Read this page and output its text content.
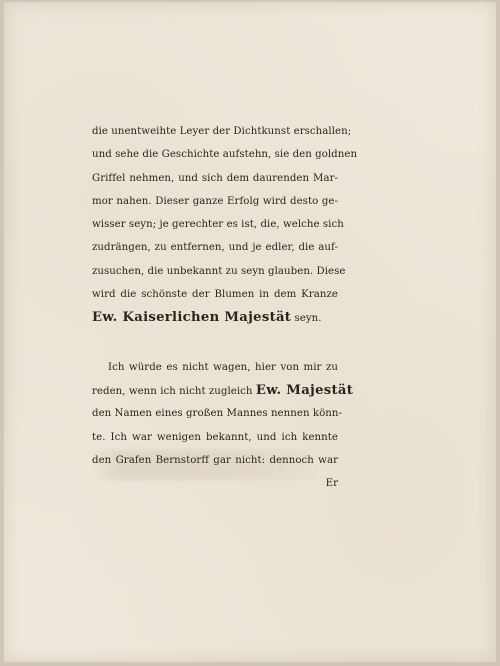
die unentweihte Leyer der Dichtkunst erschallen;
und sehe die Geschichte aufstehn, sie den goldnen
Griffel nehmen, und sich dem daurenden Mar-
mor nahen. Dieser ganze Erfolg wird desto ge-
wisser seyn; je gerechter es ist, die, welche sich
zudrängen, zu entfernen, und je edler, die auf-
zusuchen, die unbekannt zu seyn glauben. Diese
wird die schönste der Blumen in dem Kranze
Ew. Kaiserlichen Majestät seyn.
Ich würde es nicht wagen, hier von mir zu
reden, wenn ich nicht zugleich Ew. Majestät
den Namen eines großen Mannes nennen könn-
te. Ich war wenigen bekannt, und ich kennte
den Grafen Bernstorff gar nicht: dennoch war
Er
